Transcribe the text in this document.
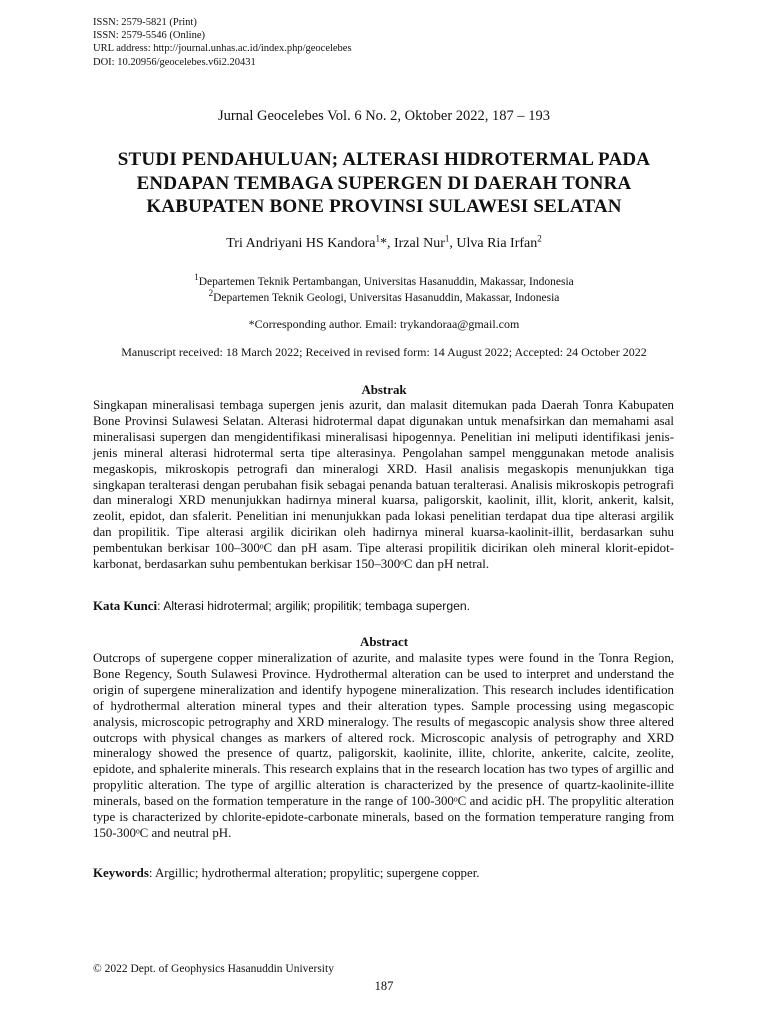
ISSN: 2579-5821 (Print)
ISSN: 2579-5546 (Online)
URL address: http://journal.unhas.ac.id/index.php/geocelebes
DOI: 10.20956/geocelebes.v6i2.20431
Jurnal Geocelebes Vol. 6 No. 2, Oktober 2022, 187 – 193
STUDI PENDAHULUAN; ALTERASI HIDROTERMAL PADA
ENDAPAN TEMBAGA SUPERGEN DI DAERAH TONRA
KABUPATEN BONE PROVINSI SULAWESI SELATAN
Tri Andriyani HS Kandora$^1$*, Irzal Nur$^1$, Ulva Ria Irfan$^2$
$^1$Departemen Teknik Pertambangan, Universitas Hasanuddin, Makassar, Indonesia
$^2$Departemen Teknik Geologi, Universitas Hasanuddin, Makassar, Indonesia
*Corresponding author. Email: trykandoraa@gmail.com
Manuscript received: 18 March 2022; Received in revised form: 14 August 2022; Accepted: 24 October 2022
Abstrak
Singkapan mineralisasi tembaga supergen jenis azurit, dan malasit ditemukan pada Daerah Tonra Kabupaten Bone Provinsi Sulawesi Selatan. Alterasi hidrotermal dapat digunakan untuk menafsirkan dan memahami asal mineralisasi supergen dan mengidentifikasi mineralisasi hipogennya. Penelitian ini meliputi identifikasi jenis-jenis mineral alterasi hidrotermal serta tipe alterasinya. Pengolahan sampel menggunakan metode analisis megaskopis, mikroskopis petrografi dan mineralogi XRD. Hasil analisis megaskopis menunjukkan tiga singkapan teralterasi dengan perubahan fisik sebagai penanda batuan teralterasi. Analisis mikroskopis petrografi dan mineralogi XRD menunjukkan hadirnya mineral kuarsa, paligorskit, kaolinit, illit, klorit, ankerit, kalsit, zeolit, epidot, dan sfalerit. Penelitian ini menunjukkan pada lokasi penelitian terdapat dua tipe alterasi argilik dan propilitik. Tipe alterasi argilik dicirikan oleh hadirnya mineral kuarsa-kaolinit-illit, berdasarkan suhu pembentukan berkisar 100–300ᵒC dan pH asam. Tipe alterasi propilitik dicirikan oleh mineral klorit-epidot-karbonat, berdasarkan suhu pembentukan berkisar 150–300ᵒC dan pH netral.
Kata Kunci: Alterasi hidrotermal; argilik; propilitik; tembaga supergen.
Abstract
Outcrops of supergene copper mineralization of azurite, and malasite types were found in the Tonra Region, Bone Regency, South Sulawesi Province. Hydrothermal alteration can be used to interpret and understand the origin of supergene mineralization and identify hypogene mineralization. This research includes identification of hydrothermal alteration mineral types and their alteration types. Sample processing using megascopic analysis, microscopic petrography and XRD mineralogy. The results of megascopic analysis show three altered outcrops with physical changes as markers of altered rock. Microscopic analysis of petrography and XRD mineralogy showed the presence of quartz, paligorskit, kaolinite, illite, chlorite, ankerite, calcite, zeolite, epidote, and sphalerite minerals. This research explains that in the research location has two types of argillic and propylitic alteration. The type of argillic alteration is characterized by the presence of quartz-kaolinite-illite minerals, based on the formation temperature in the range of 100-300ᵒC and acidic pH. The propylitic alteration type is characterized by chlorite-epidote-carbonate minerals, based on the formation temperature ranging from 150-300ᵒC and neutral pH.
Keywords: Argillic; hydrothermal alteration; propylitic; supergene copper.
© 2022 Dept. of Geophysics Hasanuddin University
187
